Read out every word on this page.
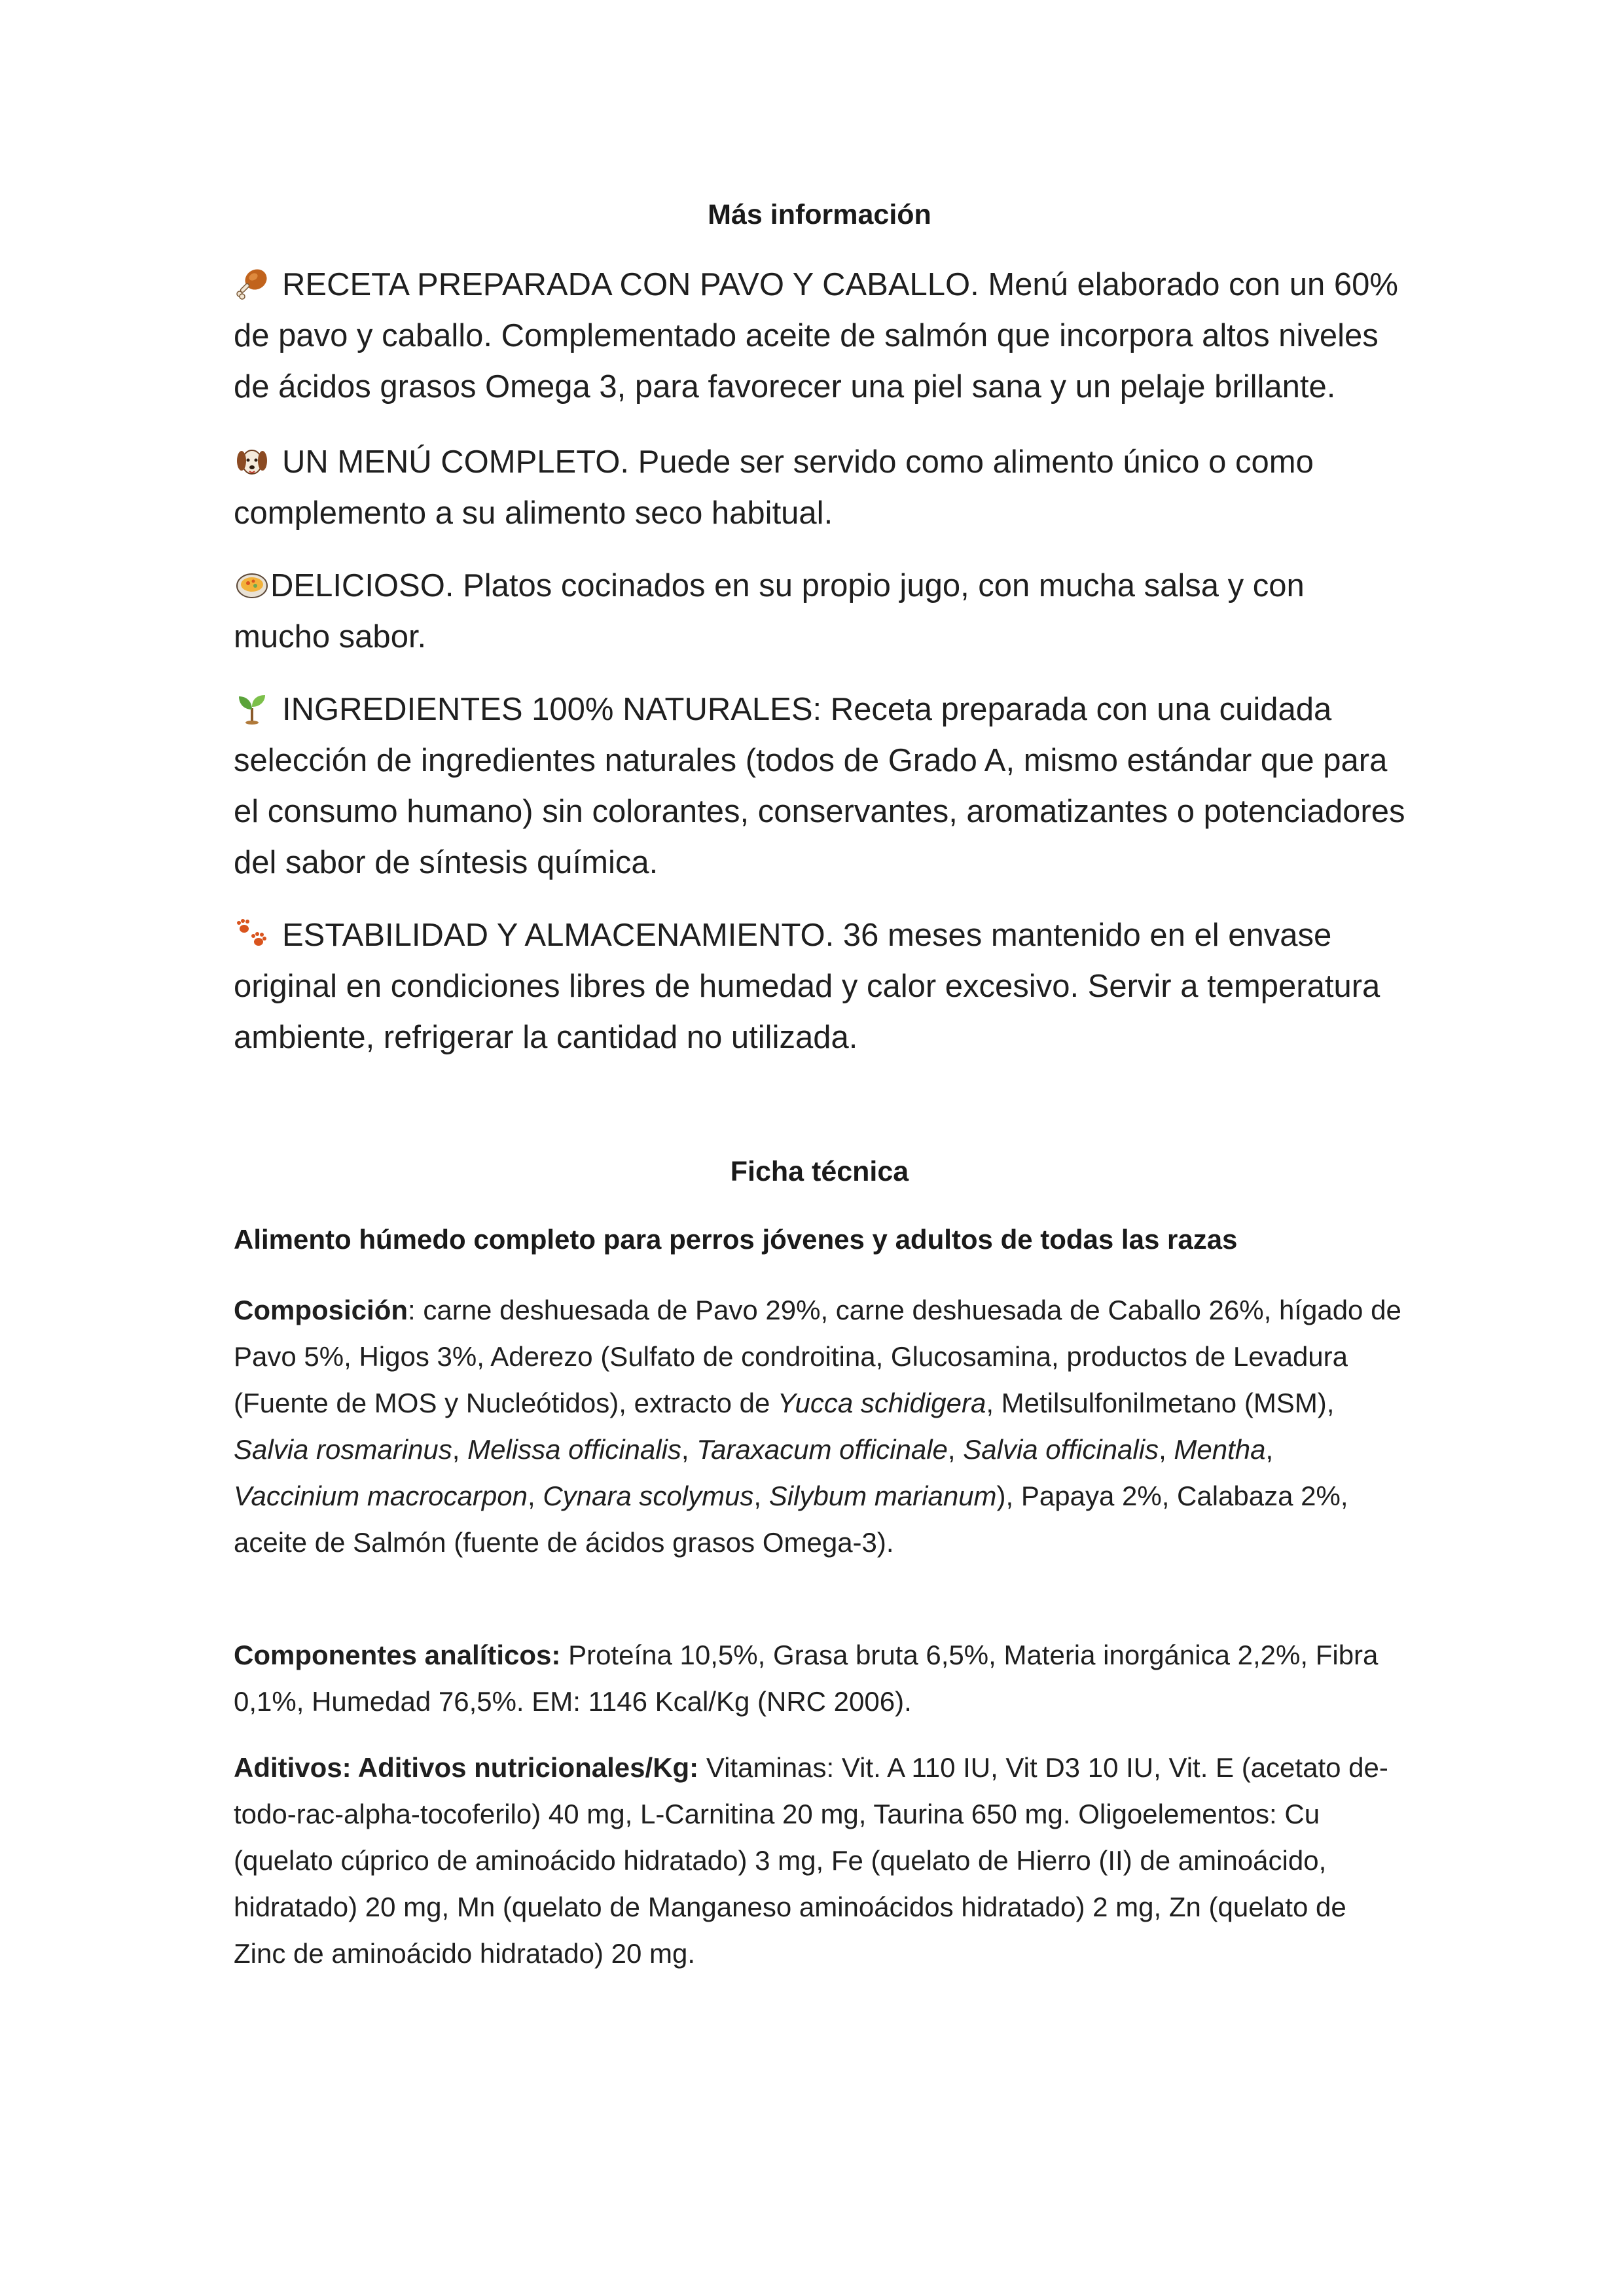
Más información
RECETA PREPARADA CON PAVO Y CABALLO. Menú elaborado con un 60% de pavo y caballo. Complementado aceite de salmón que incorpora altos niveles de ácidos grasos Omega 3, para favorecer una piel sana y un pelaje brillante.
UN MENÚ COMPLETO. Puede ser servido como alimento único o como complemento a su alimento seco habitual.
DELICIOSO. Platos cocinados en su propio jugo, con mucha salsa y con mucho sabor.
INGREDIENTES 100% NATURALES: Receta preparada con una cuidada selección de ingredientes naturales (todos de Grado A, mismo estándar que para el consumo humano) sin colorantes, conservantes, aromatizantes o potenciadores del sabor de síntesis química.
ESTABILIDAD Y ALMACENAMIENTO. 36 meses mantenido en el envase original en condiciones libres de humedad y calor excesivo. Servir a temperatura ambiente, refrigerar la cantidad no utilizada.
Ficha técnica
Alimento húmedo completo para perros jóvenes y adultos de todas las razas
Composición: carne deshuesada de Pavo 29%, carne deshuesada de Caballo 26%, hígado de Pavo 5%, Higos 3%, Aderezo (Sulfato de condroitina, Glucosamina, productos de Levadura (Fuente de MOS y Nucleótidos), extracto de Yucca schidigera, Metilsulfonilmetano (MSM), Salvia rosmarinus, Melissa officinalis, Taraxacum officinale, Salvia officinalis, Mentha, Vaccinium macrocarpon, Cynara scolymus, Silybum marianum), Papaya 2%, Calabaza 2%, aceite de Salmón (fuente de ácidos grasos Omega-3).
Componentes analíticos: Proteína 10,5%, Grasa bruta 6,5%, Materia inorgánica 2,2%, Fibra 0,1%, Humedad 76,5%. EM: 1146 Kcal/Kg (NRC 2006).
Aditivos: Aditivos nutricionales/Kg: Vitaminas: Vit. A 110 IU, Vit D3 10 IU, Vit. E (acetato de-todo-rac-alpha-tocoferilo) 40 mg, L-Carnitina 20 mg, Taurina 650 mg. Oligoelementos: Cu (quelato cúprico de aminoácido hidratado) 3 mg, Fe (quelato de Hierro (II) de aminoácido, hidratado) 20 mg, Mn (quelato de Manganeso aminoácidos hidratado) 2 mg, Zn (quelato de Zinc de aminoácido hidratado) 20 mg.
